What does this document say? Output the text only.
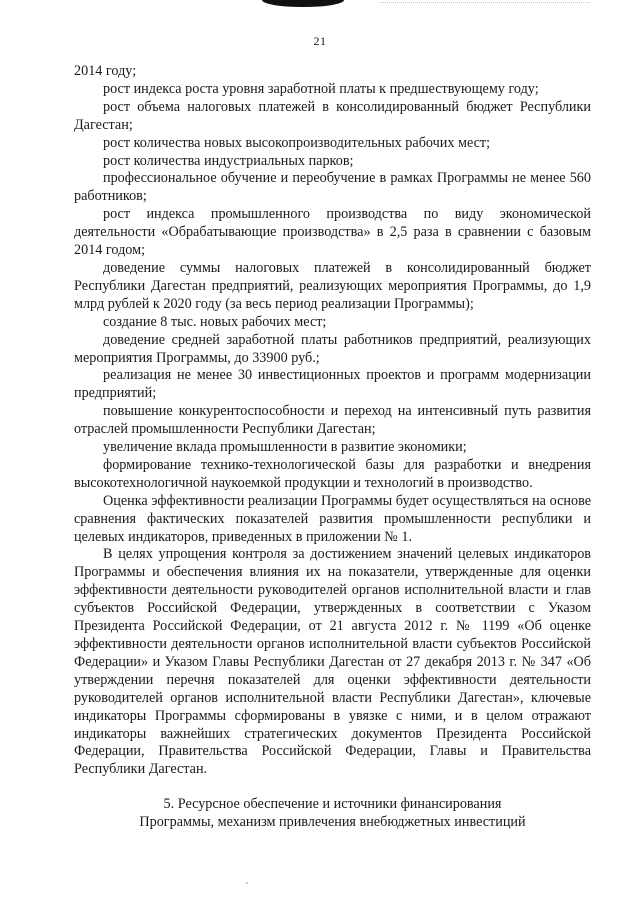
21

2014 году;

рост индекса роста уровня заработной платы к предшествующему году;

рост объема налоговых платежей в консолидированный бюджет Республики Дагестан;

рост количества новых высокопроизводительных рабочих мест;

рост количества индустриальных парков;

профессиональное обучение и переобучение в рамках Программы не менее 560 работников;

рост индекса промышленного производства по виду экономической деятельности «Обрабатывающие производства» в 2,5 раза в сравнении с базовым 2014 годом;

доведение суммы налоговых платежей в консолидированный бюджет Республики Дагестан предприятий, реализующих мероприятия Программы, до 1,9 млрд рублей к 2020 году (за весь период реализации Программы);

создание 8 тыс. новых рабочих мест;

доведение средней заработной платы работников предприятий, реализующих мероприятия Программы, до 33900 руб.;

реализация не менее 30 инвестиционных проектов и программ модернизации предприятий;

повышение конкурентоспособности и переход на интенсивный путь развития отраслей промышленности Республики Дагестан;

увеличение вклада промышленности в развитие экономики;

формирование технико-технологической базы для разработки и внедрения высокотехнологичной наукоемкой продукции и технологий в производство.

Оценка эффективности реализации Программы будет осуществляться на основе сравнения фактических показателей развития промышленности республики и целевых индикаторов, приведенных в приложении № 1.

В целях упрощения контроля за достижением значений целевых индикаторов Программы и обеспечения влияния их на показатели, утвержденные для оценки эффективности деятельности руководителей органов исполнительной власти и глав субъектов Российской Федерации, утвержденных в соответствии с Указом Президента Российской Федерации, от 21 августа 2012 г. № 1199 «Об оценке эффективности деятельности органов исполнительной власти субъектов Российской Федерации» и Указом Главы Республики Дагестан от 27 декабря 2013 г. № 347 «Об утверждении перечня показателей для оценки эффективности деятельности руководителей органов исполнительной власти Республики Дагестан», ключевые индикаторы Программы сформированы в увязке с ними, и в целом отражают индикаторы важнейших стратегических документов Президента Российской Федерации, Правительства Российской Федерации, Главы и Правительства Республики Дагестан.

5. Ресурсное обеспечение и источники финансирования
Программы, механизм привлечения внебюджетных инвестиций
